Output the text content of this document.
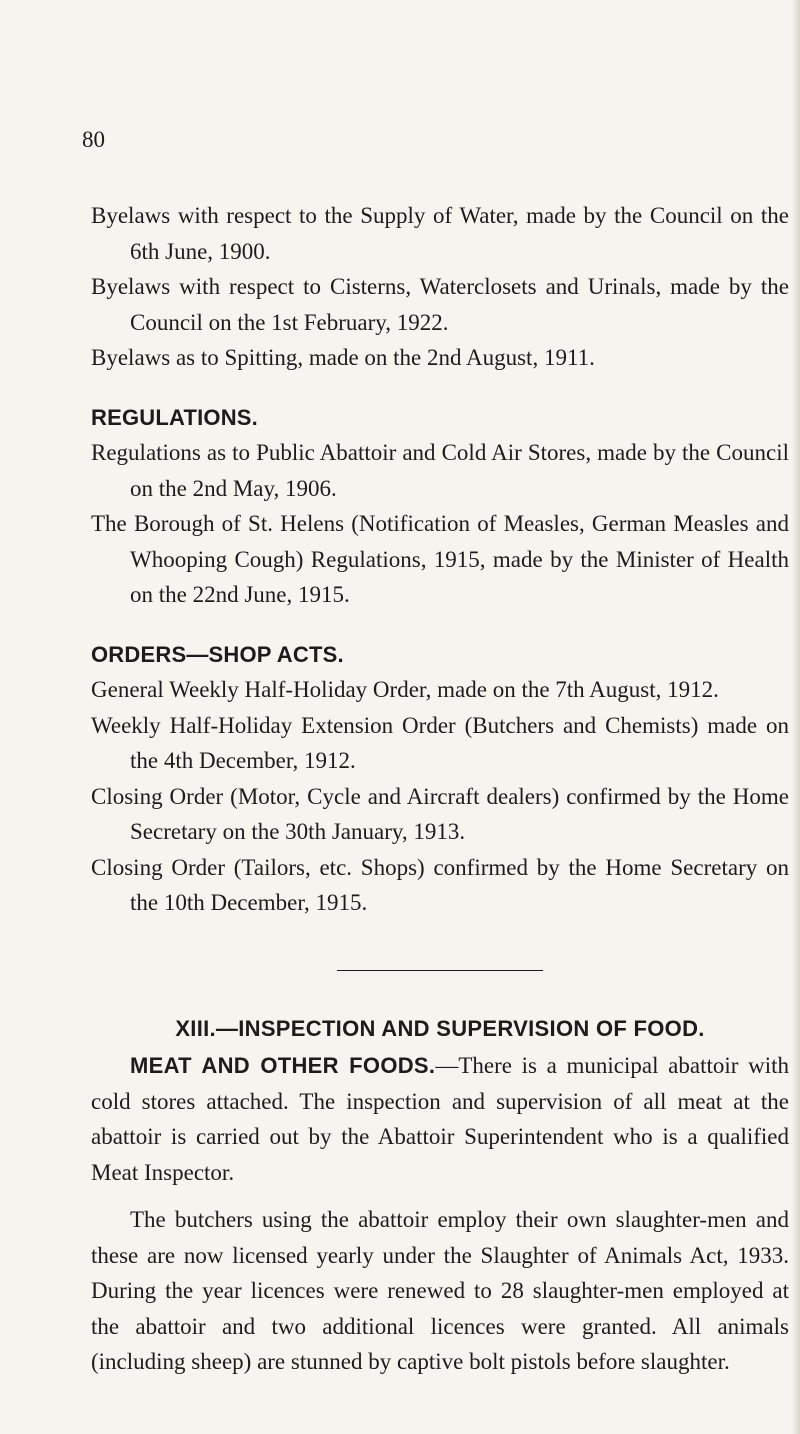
80

Byelaws with respect to the Supply of Water, made by the Council on the 6th June, 1900.

Byelaws with respect to Cisterns, Waterclosets and Urinals, made by the Council on the 1st February, 1922.

Byelaws as to Spitting, made on the 2nd August, 1911.

REGULATIONS.

Regulations as to Public Abattoir and Cold Air Stores, made by the Council on the 2nd May, 1906.

The Borough of St. Helens (Notification of Measles, German Measles and Whooping Cough) Regulations, 1915, made by the Minister of Health on the 22nd June, 1915.

ORDERS—SHOP ACTS.

General Weekly Half-Holiday Order, made on the 7th August, 1912.

Weekly Half-Holiday Extension Order (Butchers and Chemists) made on the 4th December, 1912.

Closing Order (Motor, Cycle and Aircraft dealers) confirmed by the Home Secretary on the 30th January, 1913.

Closing Order (Tailors, etc. Shops) confirmed by the Home Secretary on the 10th December, 1915.

XIII.—INSPECTION AND SUPERVISION OF FOOD.

MEAT AND OTHER FOODS.—There is a municipal abattoir with cold stores attached. The inspection and supervision of all meat at the abattoir is carried out by the Abattoir Superintendent who is a qualified Meat Inspector.

The butchers using the abattoir employ their own slaughter-men and these are now licensed yearly under the Slaughter of Animals Act, 1933. During the year licences were renewed to 28 slaughter-men employed at the abattoir and two additional licences were granted. All animals (including sheep) are stunned by captive bolt pistols before slaughter.
